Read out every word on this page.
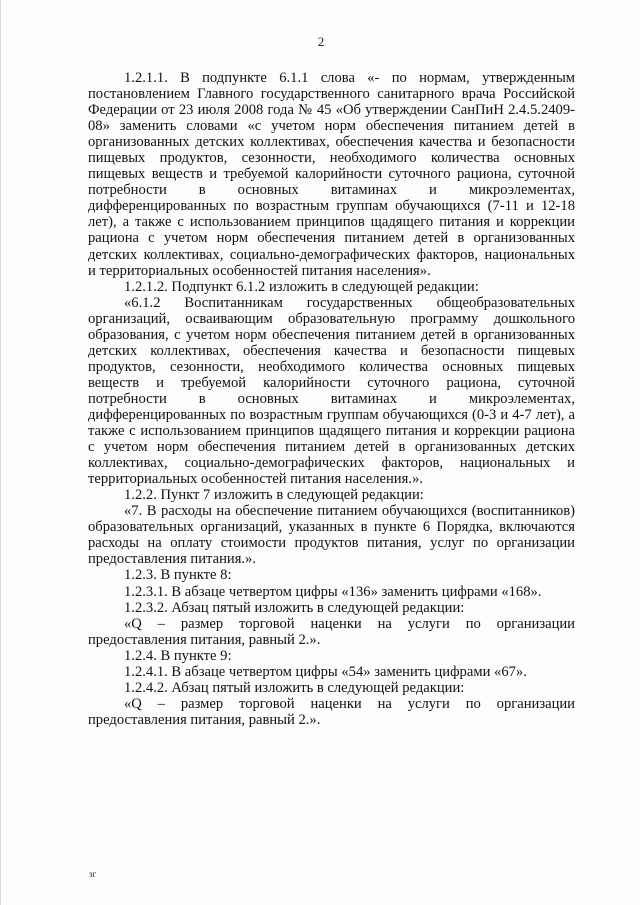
2

1.2.1.1. В подпункте 6.1.1 слова «- по нормам, утвержденным постановлением Главного государственного санитарного врача Российской Федерации от 23 июля 2008 года № 45 «Об утверждении СанПиН 2.4.5.2409-08» заменить словами «с учетом норм обеспечения питанием детей в организованных детских коллективах, обеспечения качества и безопасности пищевых продуктов, сезонности, необходимого количества основных пищевых веществ и требуемой калорийности суточного рациона, суточной потребности в основных витаминах и микроэлементах, дифференцированных по возрастным группам обучающихся (7-11 и 12-18 лет), а также с использованием принципов щадящего питания и коррекции рациона с учетом норм обеспечения питанием детей в организованных детских коллективах, социально-демографических факторов, национальных и территориальных особенностей питания населения».

1.2.1.2. Подпункт 6.1.2 изложить в следующей редакции:

«6.1.2 Воспитанникам государственных общеобразовательных организаций, осваивающим образовательную программу дошкольного образования, с учетом норм обеспечения питанием детей в организованных детских коллективах, обеспечения качества и безопасности пищевых продуктов, сезонности, необходимого количества основных пищевых веществ и требуемой калорийности суточного рациона, суточной потребности в основных витаминах и микроэлементах, дифференцированных по возрастным группам обучающихся (0-3 и 4-7 лет), а также с использованием принципов щадящего питания и коррекции рациона с учетом норм обеспечения питанием детей в организованных детских коллективах, социально-демографических факторов, национальных и территориальных особенностей питания населения.».

1.2.2. Пункт 7 изложить в следующей редакции:

«7. В расходы на обеспечение питанием обучающихся (воспитанников) образовательных организаций, указанных в пункте 6 Порядка, включаются расходы на оплату стоимости продуктов питания, услуг по организации предоставления питания.».

1.2.3. В пункте 8:

1.2.3.1. В абзаце четвертом цифры «136» заменить цифрами «168».

1.2.3.2. Абзац пятый изложить в следующей редакции:

«Q – размер торговой наценки на услуги по организации предоставления питания, равный 2.».

1.2.4. В пункте 9:

1.2.4.1. В абзаце четвертом цифры «54» заменить цифрами «67».

1.2.4.2. Абзац пятый изложить в следующей редакции:

«Q – размер торговой наценки на услуги по организации предоставления питания, равный 2.».

зг
